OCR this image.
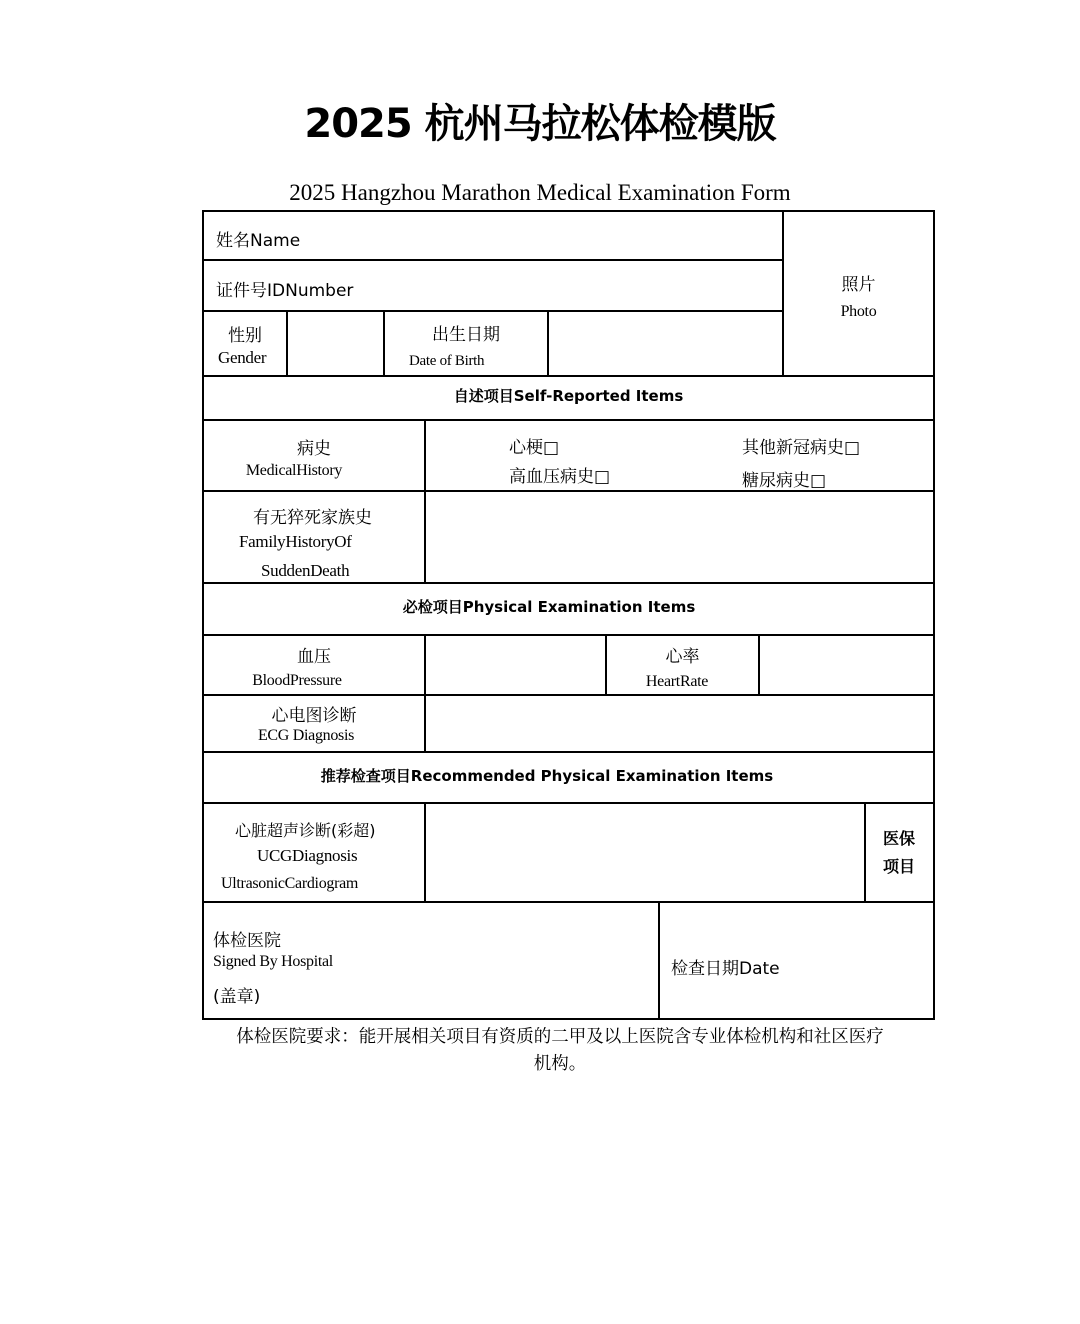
2025 杭州马拉松体检模版
2025 Hangzhou Marathon Medical Examination Form
姓名Name
证件号IDNumber	照片
Photo
性别
Gender
出生日期
Date of Birth
自述项目Self-Reported Items
病史
MedicalHistory
心梗□
高血压病史□
其他新冠病史□
糖尿病史□
有无猝死家族史
FamilyHistoryOf
SuddenDeath
必检项目Physical Examination Items
血压
BloodPressure
心率
HeartRate
心电图诊断
ECG Diagnosis
推荐检查项目Recommended Physical Examination Items
心脏超声诊断(彩超)
UCGDiagnosis
UltrasonicCardiogram
医保
项目
体检医院
Signed By Hospital
(盖章)
检查日期Date
体检医院要求：能开展相关项目有资质的二甲及以上医院含专业体检机构和社区医疗
机构。
